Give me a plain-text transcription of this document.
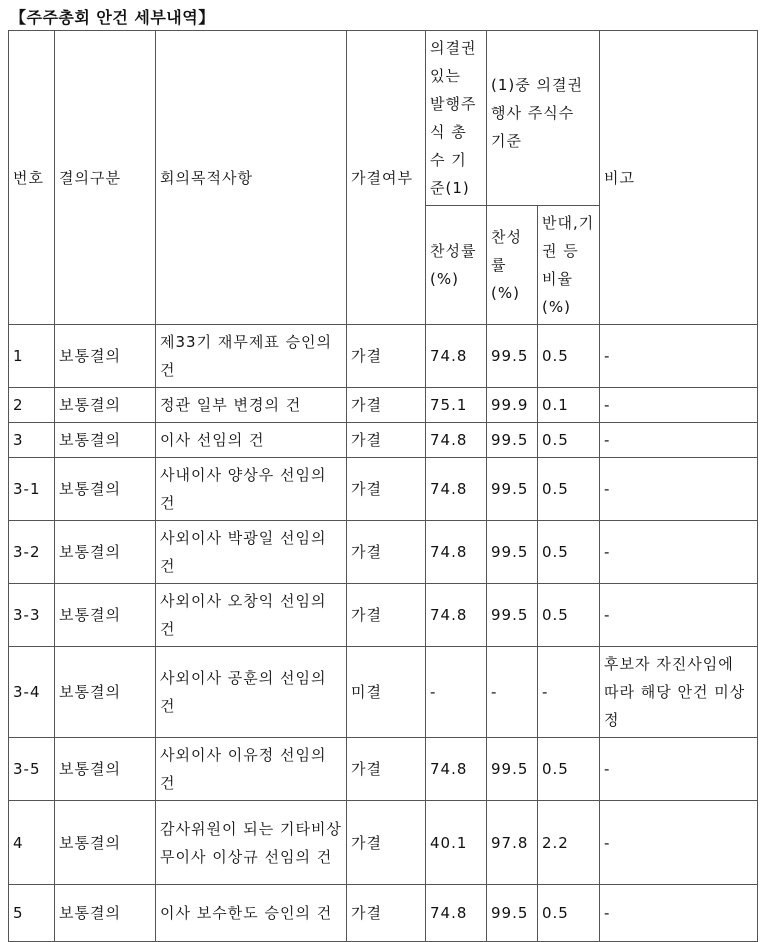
【주주총회 안건 세부내역】
번호	결의구분	회의목적사항	가결여부	의결권 있는 발행주식 총수 기준(1)	(1)중 의결권 행사 주식수 기준		비고
				찬성률(%)	찬성률(%)	반대,기권 등 비율(%)	
1	보통결의	제33기 재무제표 승인의 건	가결	74.8	99.5	0.5	-
2	보통결의	정관 일부 변경의 건	가결	75.1	99.9	0.1	-
3	보통결의	이사 선임의 건	가결	74.8	99.5	0.5	-
3-1	보통결의	사내이사 양상우 선임의 건	가결	74.8	99.5	0.5	-
3-2	보통결의	사외이사 박광일 선임의 건	가결	74.8	99.5	0.5	-
3-3	보통결의	사외이사 오창익 선임의 건	가결	74.8	99.5	0.5	-
3-4	보통결의	사외이사 공훈의 선임의 건	미결	-	-	-	후보자 자진사임에 따라 해당 안건 미상정
3-5	보통결의	사외이사 이유정 선임의 건	가결	74.8	99.5	0.5	-
4	보통결의	감사위원이 되는 기타비상무이사 이상규 선임의 건	가결	40.1	97.8	2.2	-
5	보통결의	이사 보수한도 승인의 건	가결	74.8	99.5	0.5	-
